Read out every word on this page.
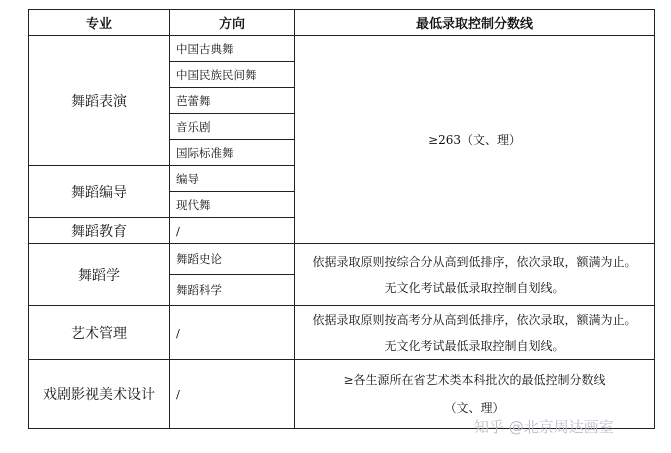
专业	方向	最低录取控制分数线
舞蹈表演	中国古典舞	≥263（文、理）
	中国民族民间舞	
	芭蕾舞	
	音乐剧	
	国际标准舞	
舞蹈编导	编导	
	现代舞	
舞蹈教育	/	
舞蹈学	舞蹈史论	依据录取原则按综合分从高到低排序，依次录取，额满为止。
无文化考试最低录取控制自划线。

	舞蹈科学	
艺术管理	/	依据录取原则按高考分从高到低排序，依次录取，额满为止。
无文化考试最低录取控制自划线。

戏剧影视美术设计	/	≥各生源所在省艺术类本科批次的最低控制分数线
（文、理）
知乎 @北京周达画室
